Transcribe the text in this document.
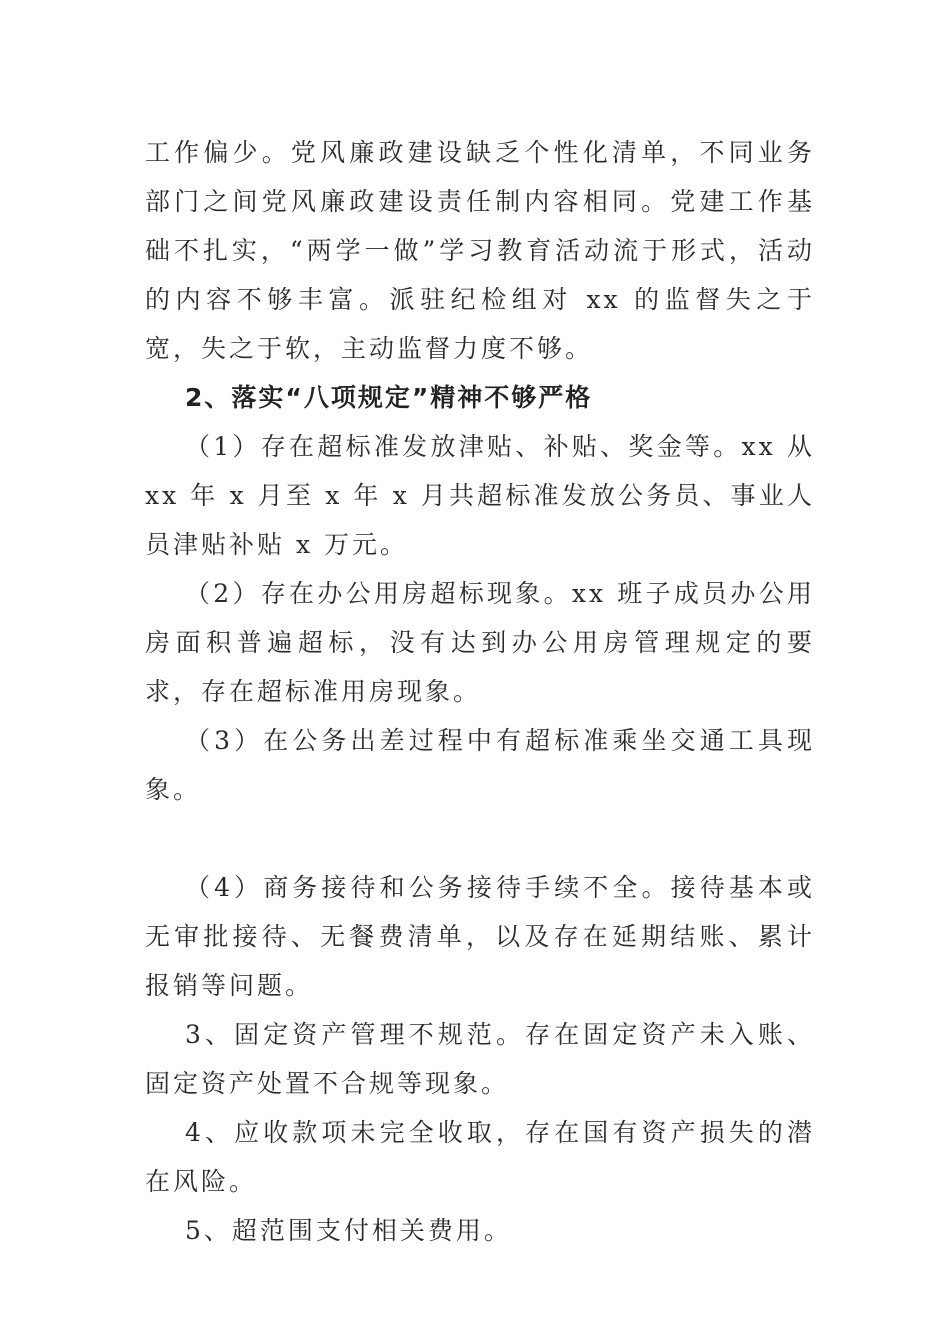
工作偏少。党风廉政建设缺乏个性化清单，不同业务部门之间党风廉政建设责任制内容相同。党建工作基础不扎实，“两学一做”学习教育活动流于形式，活动的内容不够丰富。派驻纪检组对 xx 的监督失之于宽，失之于软，主动监督力度不够。

2、落实“八项规定”精神不够严格

（1）存在超标准发放津贴、补贴、奖金等。xx 从 xx 年 x 月至 x 年 x 月共超标准发放公务员、事业人员津贴补贴 x 万元。

（2）存在办公用房超标现象。xx 班子成员办公用房面积普遍超标，没有达到办公用房管理规定的要求，存在超标准用房现象。

（3）在公务出差过程中有超标准乘坐交通工具现象。

（4）商务接待和公务接待手续不全。接待基本或无审批接待、无餐费清单，以及存在延期结账、累计报销等问题。

3、固定资产管理不规范。存在固定资产未入账、固定资产处置不合规等现象。

4、应收款项未完全收取，存在国有资产损失的潜在风险。

5、超范围支付相关费用。
